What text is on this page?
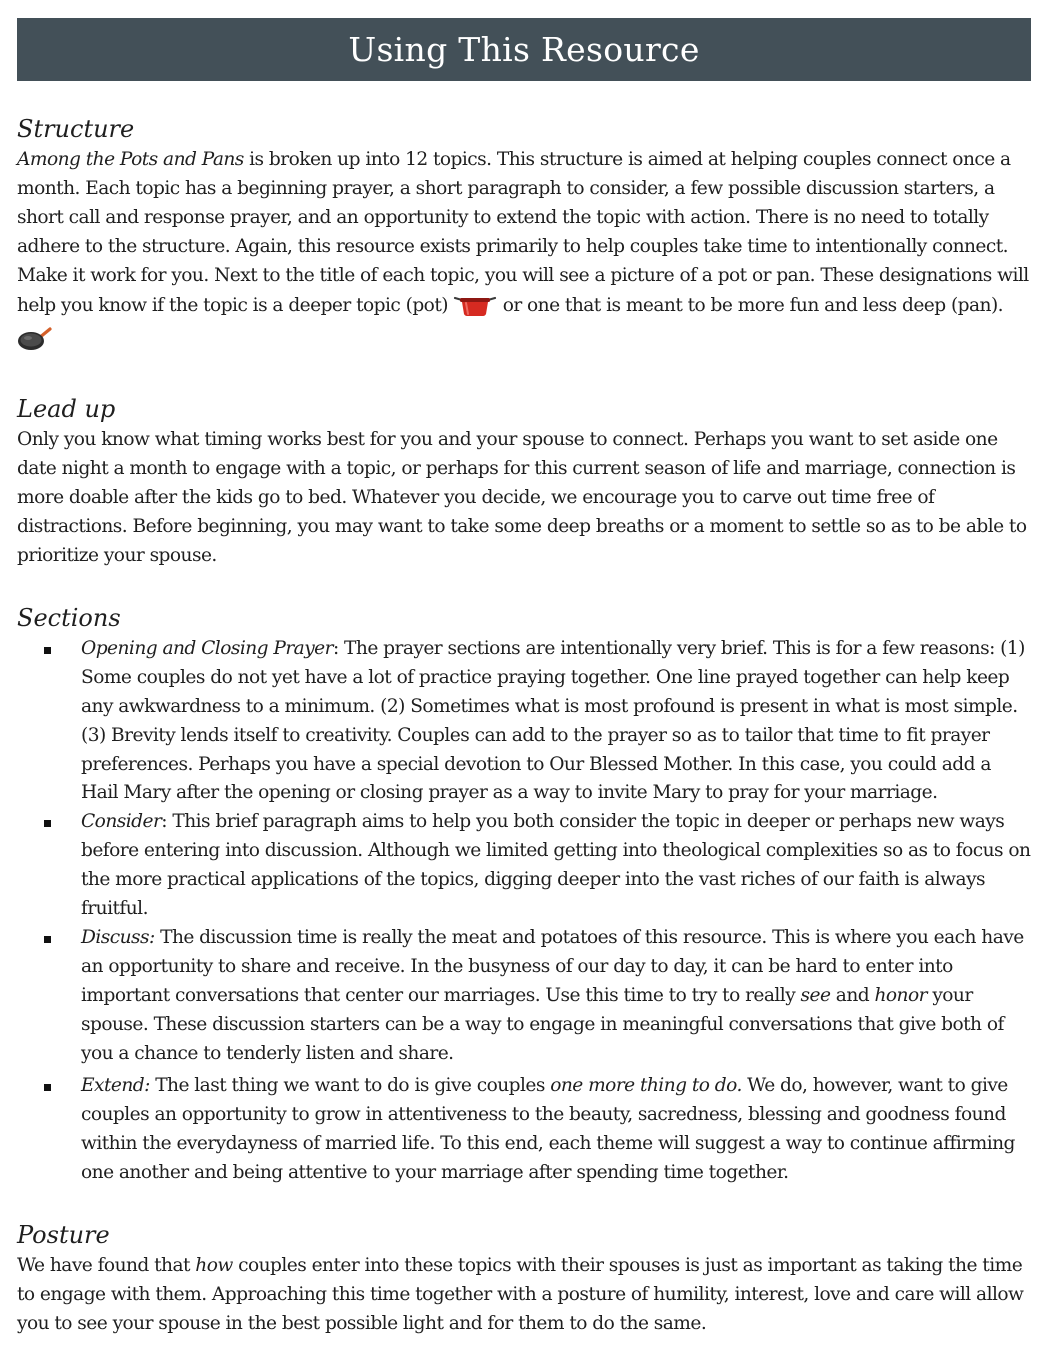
Using This Resource
Structure

Among the Pots and Pans is broken up into 12 topics. This structure is aimed at helping couples connect once a month. Each topic has a beginning prayer, a short paragraph to consider, a few possible discussion starters, a short call and response prayer, and an opportunity to extend the topic with action. There is no need to totally adhere to the structure. Again, this resource exists primarily to help couples take time to intentionally connect. Make it work for you. Next to the title of each topic, you will see a picture of a pot or pan. These designations will help you know if the topic is a deeper topic (pot)  or one that is meant to be more fun and less deep (pan).

Lead up

Only you know what timing works best for you and your spouse to connect. Perhaps you want to set aside one date night a month to engage with a topic, or perhaps for this current season of life and marriage, connection is more doable after the kids go to bed. Whatever you decide, we encourage you to carve out time free of distractions. Before beginning, you may want to take some deep breaths or a moment to settle so as to be able to prioritize your spouse.

Sections
Opening and Closing Prayer: The prayer sections are intentionally very brief. This is for a few reasons: (1) Some couples do not yet have a lot of practice praying together. One line prayed together can help keep any awkwardness to a minimum. (2) Sometimes what is most profound is present in what is most simple. (3) Brevity lends itself to creativity. Couples can add to the prayer so as to tailor that time to fit prayer preferences. Perhaps you have a special devotion to Our Blessed Mother. In this case, you could add a Hail Mary after the opening or closing prayer as a way to invite Mary to pray for your marriage.
Consider: This brief paragraph aims to help you both consider the topic in deeper or perhaps new ways before entering into discussion. Although we limited getting into theological complexities so as to focus on the more practical applications of the topics, digging deeper into the vast riches of our faith is always fruitful.
Discuss: The discussion time is really the meat and potatoes of this resource. This is where you each have an opportunity to share and receive. In the busyness of our day to day, it can be hard to enter into important conversations that center our marriages. Use this time to try to really see and honor your spouse. These discussion starters can be a way to engage in meaningful conversations that give both of you a chance to tenderly listen and share.
Extend: The last thing we want to do is give couples one more thing to do. We do, however, want to give couples an opportunity to grow in attentiveness to the beauty, sacredness, blessing and goodness found within the everydayness of married life. To this end, each theme will suggest a way to continue affirming one another and being attentive to your marriage after spending time together.
Posture

We have found that how couples enter into these topics with their spouses is just as important as taking the time to engage with them. Approaching this time together with a posture of humility, interest, love and care will allow you to see your spouse in the best possible light and for them to do the same.
